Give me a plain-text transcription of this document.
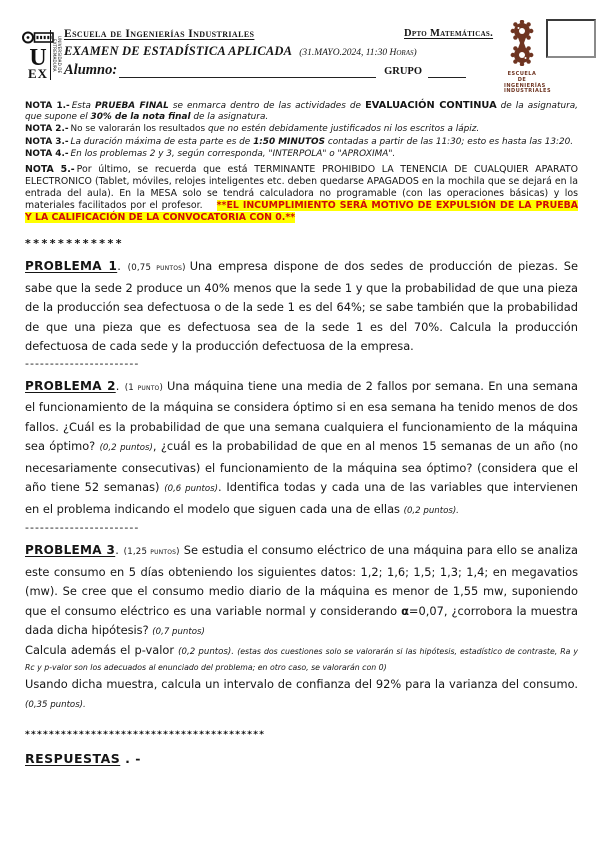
U
EX	UNIVERSIDAD DE EXTREMADURA
Escuela de Ingenierías Industriales	Dpto Matemáticas.
EXAMEN DE ESTADÍSTICA APLICADA (31.MAYO.2024, 11:30 Horas)
Alumno:	GRUPO	ESCUELA DE
INGENIERÍAS
INDUSTRIALES

NOTA 1.- Esta PRUEBA FINAL se enmarca dentro de las actividades de EVALUACIÓN CONTINUA de la asignatura, que supone el 30% de la nota final de la asignatura.

NOTA 2.- No se valorarán los resultados que no estén debidamente justificados ni los escritos a lápiz.

NOTA 3.- La duración máxima de esta parte es de 1:50 MINUTOS contadas a partir de las 11:30; esto es hasta las 13:20.

NOTA 4.- En los problemas 2 y 3, según corresponda, "INTERPOLA" o "APROXIMA".

NOTA 5.- Por último, se recuerda que está TERMINANTE PROHIBIDO LA TENENCIA DE CUALQUIER APARATO ELECTRONICO (Tablet, móviles, relojes inteligentes etc. deben quedarse APAGADOS en la mochila que se dejará en la entrada del aula). En la MESA solo se tendrá calculadora no programable (con las operaciones básicas) y los materiales facilitados por el profesor. **EL INCUMPLIMIENTO SERÁ MOTIVO DE EXPULSIÓN DE LA PRUEBA Y LA CALIFICACIÓN DE LA CONVOCATORIA CON 0.**

************

PROBLEMA 1. (0,75 puntos) Una empresa dispone de dos sedes de producción de piezas. Se sabe que la sede 2 produce un 40% menos que la sede 1 y que la probabilidad de que una pieza de la producción sea defectuosa o de la sede 1 es del 64%; se sabe también que la probabilidad de que una pieza que es defectuosa sea de la sede 1 es del 70%. Calcula la producción defectuosa de cada sede y la producción defectuosa de la empresa.

-----------------------

PROBLEMA 2. (1 punto) Una máquina tiene una media de 2 fallos por semana. En una semana el funcionamiento de la máquina se considera óptimo si en esa semana ha tenido menos de dos fallos. ¿Cuál es la probabilidad de que una semana cualquiera el funcionamiento de la máquina sea óptimo? (0,2 puntos), ¿cuál es la probabilidad de que en al menos 15 semanas de un año (no necesariamente consecutivas) el funcionamiento de la máquina sea óptimo? (considera que el año tiene 52 semanas) (0,6 puntos). Identifica todas y cada una de las variables que intervienen en el problema indicando el modelo que siguen cada una de ellas (0,2 puntos).

-----------------------

PROBLEMA 3. (1,25 puntos) Se estudia el consumo eléctrico de una máquina para ello se analiza este consumo en 5 días obteniendo los siguientes datos: 1,2; 1,6; 1,5; 1,3; 1,4; en megavatios (mw). Se cree que el consumo medio diario de la máquina es menor de 1,55 mw, suponiendo que el consumo eléctrico es una variable normal y considerando α=0,07, ¿corrobora la muestra dada dicha hipótesis? (0,7 puntos)

Calcula además el p-valor (0,2 puntos). (estas dos cuestiones solo se valorarán si las hipótesis, estadístico de contraste, Ra y Rc y p-valor son los adecuados al enunciado del problema; en otro caso, se valorarán con 0)

Usando dicha muestra, calcula un intervalo de confianza del 92% para la varianza del consumo. (0,35 puntos).

****************************************

RESPUESTAS . -
